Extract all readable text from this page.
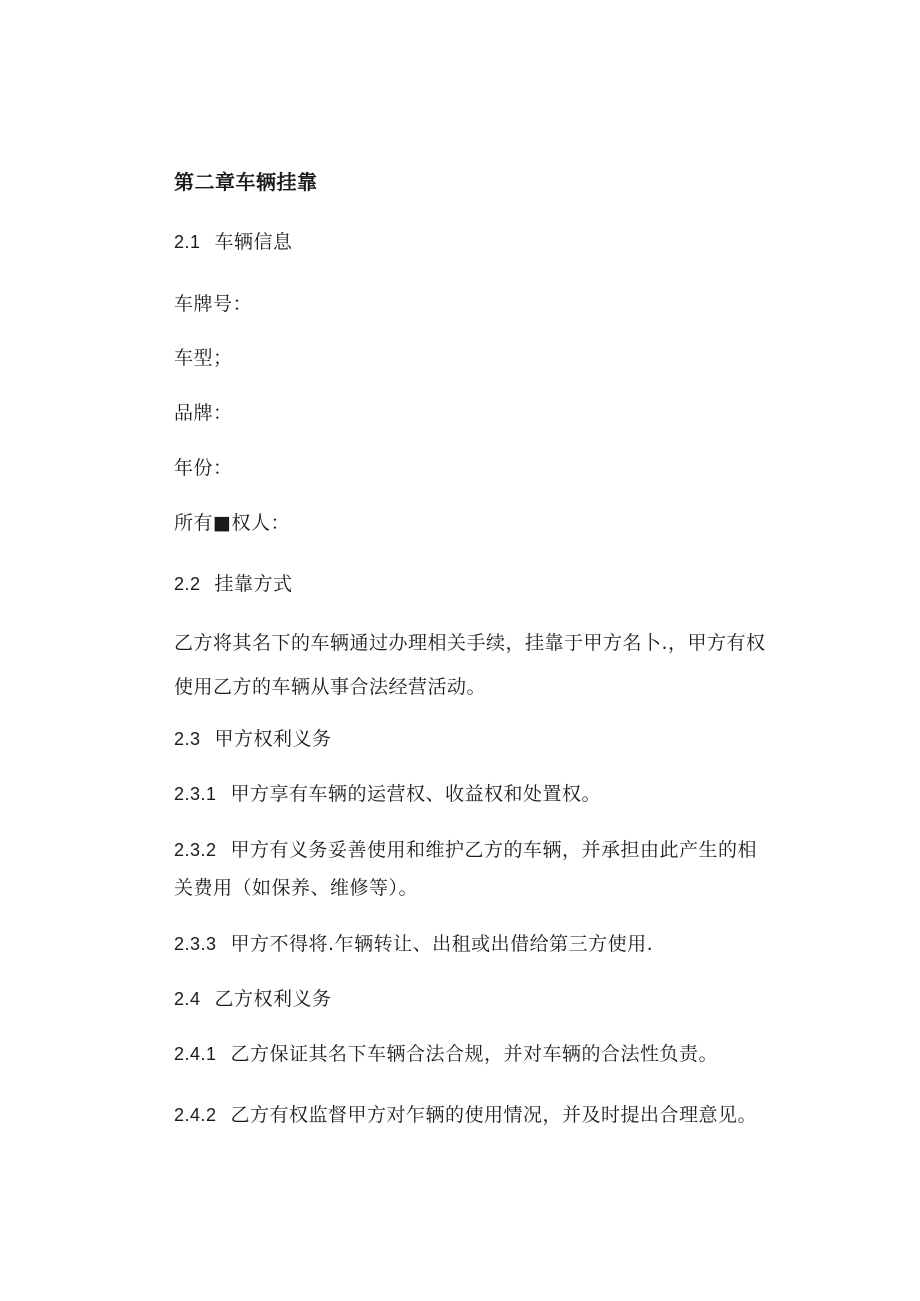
第二章车辆挂靠
2.1 车辆信息
车牌号：
车型；
品牌：
年份：
所有■权人：
2.2 挂靠方式
乙方将其名下的车辆通过办理相关手续，挂靠于甲方名卜.，甲方有权
使用乙方的车辆从事合法经营活动。
2.3 甲方权利义务
2.3.1 甲方享有车辆的运营权、收益权和处置权。
2.3.2 甲方有义务妥善使用和维护乙方的车辆，并承担由此产生的相
关费用（如保养、维修等）。
2.3.3 甲方不得将.乍辆转让、出租或出借给第三方使用.
2.4 乙方权利义务
2.4.1 乙方保证其名下车辆合法合规，并对车辆的合法性负责。
2.4.2 乙方有权监督甲方对乍辆的使用情况，并及时提出合理意见。
